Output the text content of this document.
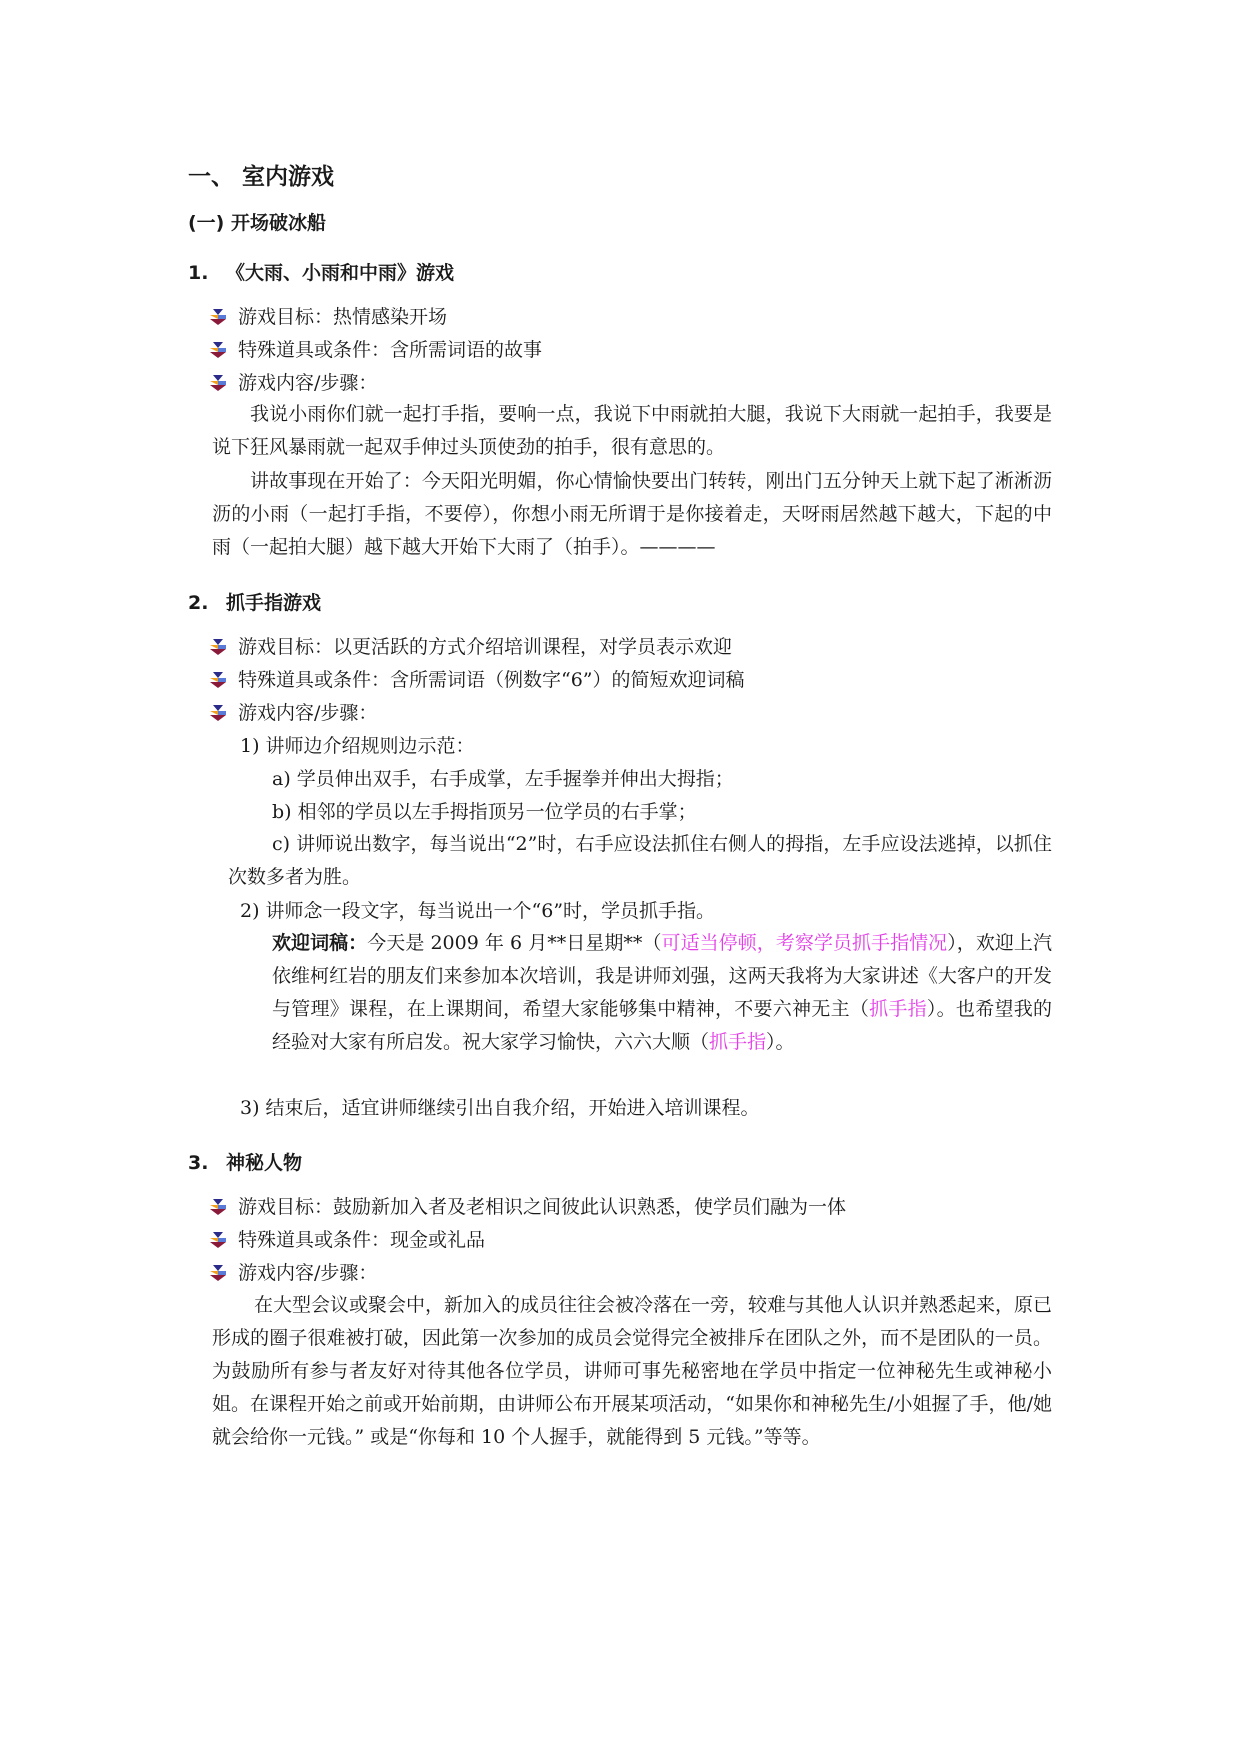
一、 室内游戏
(一) 开场破冰船
1. 《大雨、小雨和中雨》游戏
游戏目标：热情感染开场
特殊道具或条件：含所需词语的故事
游戏内容/步骤：
我说小雨你们就一起打手指，要响一点，我说下中雨就拍大腿，我说下大雨就一起拍手，我要是说下狂风暴雨就一起双手伸过头顶使劲的拍手，很有意思的。
讲故事现在开始了：今天阳光明媚，你心情愉快要出门转转，刚出门五分钟天上就下起了淅淅沥沥的小雨（一起打手指，不要停），你想小雨无所谓于是你接着走，天呀雨居然越下越大，下起的中雨（一起拍大腿）越下越大开始下大雨了（拍手）。————
2. 抓手指游戏
游戏目标：以更活跃的方式介绍培训课程，对学员表示欢迎
特殊道具或条件：含所需词语（例数字“6”）的简短欢迎词稿
游戏内容/步骤：
1) 讲师边介绍规则边示范：
a) 学员伸出双手，右手成掌，左手握拳并伸出大拇指；
b) 相邻的学员以左手拇指顶另一位学员的右手掌；
c) 讲师说出数字，每当说出“2”时，右手应设法抓住右侧人的拇指，左手应设法逃掉，以抓住次数多者为胜。
2) 讲师念一段文字，每当说出一个“6”时，学员抓手指。
欢迎词稿：今天是 2009 年 6 月**日星期**（可适当停顿，考察学员抓手指情况），欢迎上汽依维柯红岩的朋友们来参加本次培训，我是讲师刘强，这两天我将为大家讲述《大客户的开发与管理》课程，在上课期间，希望大家能够集中精神，不要六神无主（抓手指）。也希望我的经验对大家有所启发。祝大家学习愉快，六六大顺（抓手指）。
3) 结束后，适宜讲师继续引出自我介绍，开始进入培训课程。
3. 神秘人物
游戏目标：鼓励新加入者及老相识之间彼此认识熟悉，使学员们融为一体
特殊道具或条件：现金或礼品
游戏内容/步骤：
在大型会议或聚会中，新加入的成员往往会被冷落在一旁，较难与其他人认识并熟悉起来，原已形成的圈子很难被打破，因此第一次参加的成员会觉得完全被排斥在团队之外，而不是团队的一员。 为鼓励所有参与者友好对待其他各位学员，讲师可事先秘密地在学员中指定一位神秘先生或神秘小姐。在课程开始之前或开始前期，由讲师公布开展某项活动，“如果你和神秘先生/小姐握了手，他/她就会给你一元钱。” 或是“你每和 10 个人握手，就能得到 5 元钱。”等等。
